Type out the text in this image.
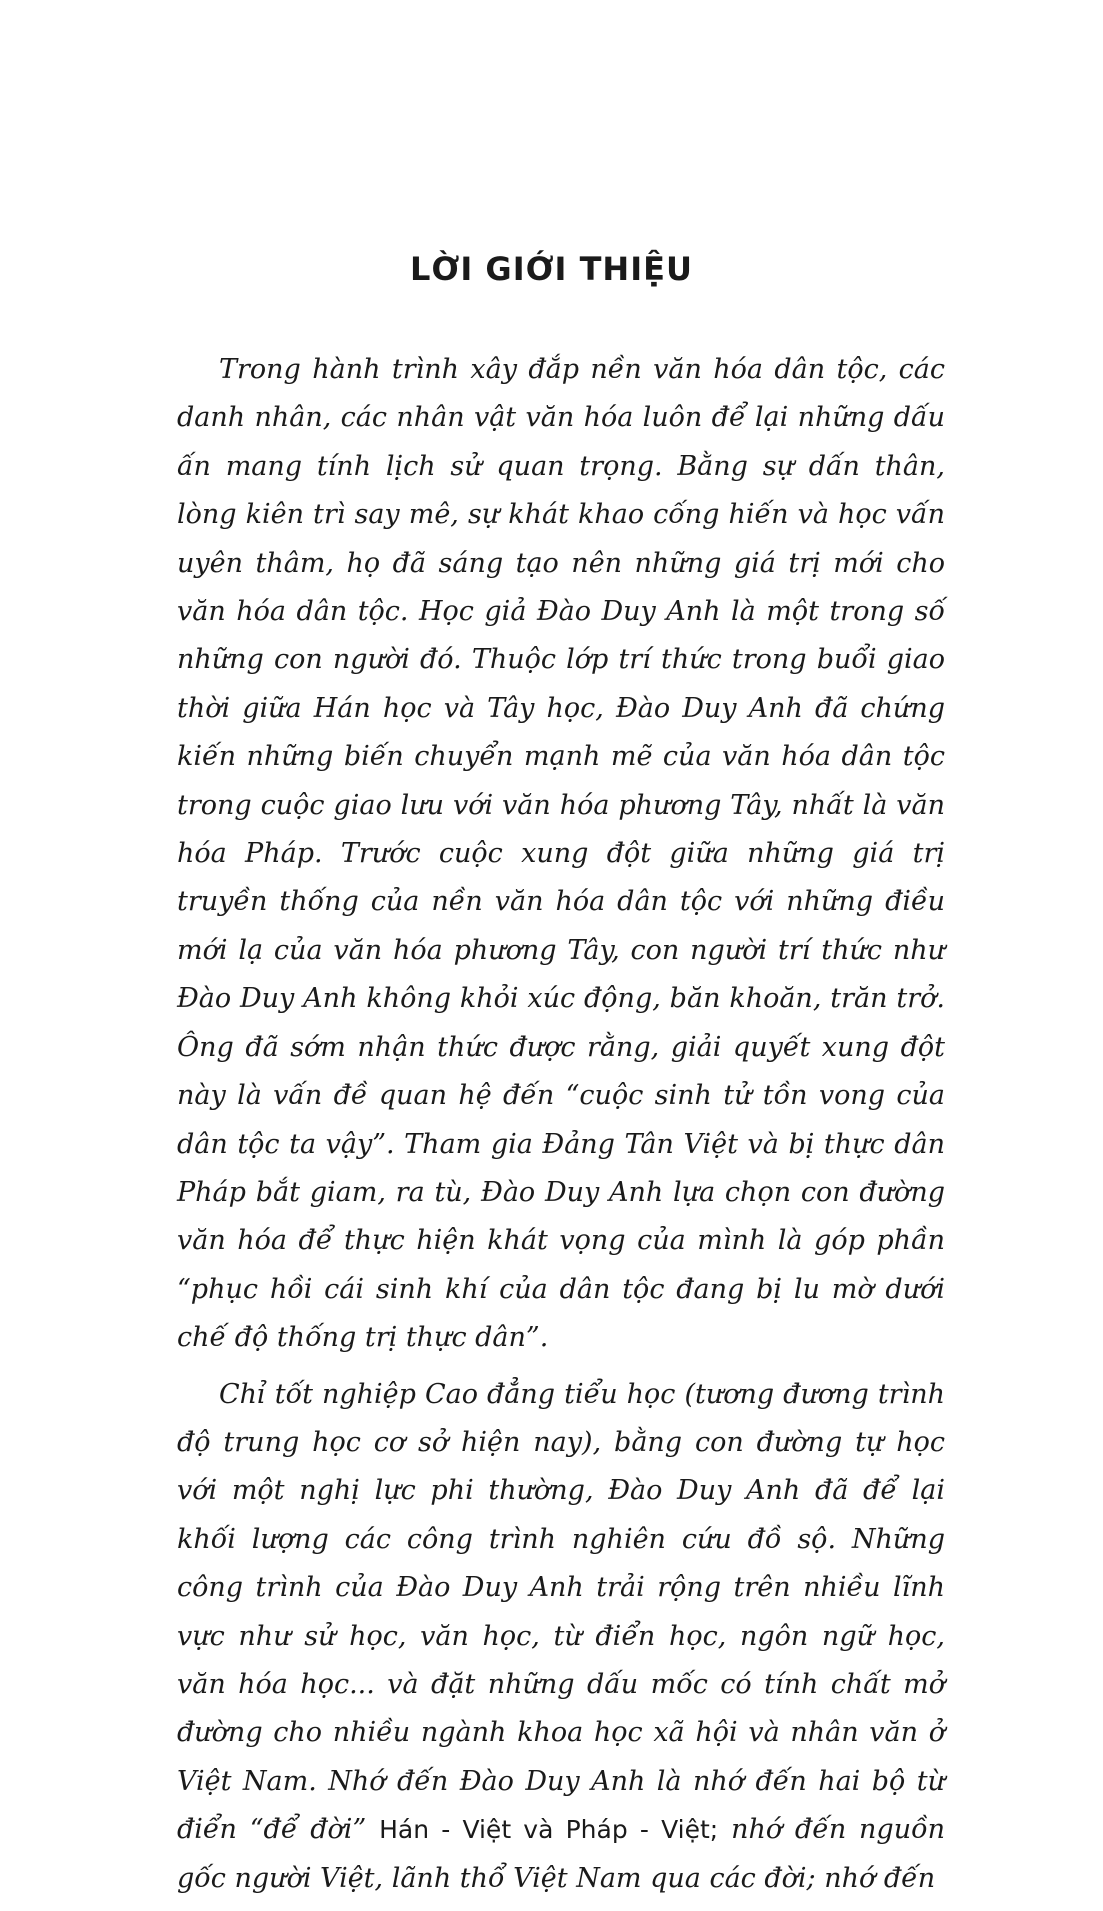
LỜI GIỚI THIỆU

Trong hành trình xây đắp nền văn hóa dân tộc, các danh nhân, các nhân vật văn hóa luôn để lại những dấu ấn mang tính lịch sử quan trọng. Bằng sự dấn thân, lòng kiên trì say mê, sự khát khao cống hiến và học vấn uyên thâm, họ đã sáng tạo nên những giá trị mới cho văn hóa dân tộc. Học giả Đào Duy Anh là một trong số những con người đó. Thuộc lớp trí thức trong buổi giao thời giữa Hán học và Tây học, Đào Duy Anh đã chứng kiến những biến chuyển mạnh mẽ của văn hóa dân tộc trong cuộc giao lưu với văn hóa phương Tây, nhất là văn hóa Pháp. Trước cuộc xung đột giữa những giá trị truyền thống của nền văn hóa dân tộc với những điều mới lạ của văn hóa phương Tây, con người trí thức như Đào Duy Anh không khỏi xúc động, băn khoăn, trăn trở. Ông đã sớm nhận thức được rằng, giải quyết xung đột này là vấn đề quan hệ đến “cuộc sinh tử tồn vong của dân tộc ta vậy”. Tham gia Đảng Tân Việt và bị thực dân Pháp bắt giam, ra tù, Đào Duy Anh lựa chọn con đường văn hóa để thực hiện khát vọng của mình là góp phần “phục hồi cái sinh khí của dân tộc đang bị lu mờ dưới chế độ thống trị thực dân”.

Chỉ tốt nghiệp Cao đẳng tiểu học (tương đương trình độ trung học cơ sở hiện nay), bằng con đường tự học với một nghị lực phi thường, Đào Duy Anh đã để lại khối lượng các công trình nghiên cứu đồ sộ. Những công trình của Đào Duy Anh trải rộng trên nhiều lĩnh vực như sử học, văn học, từ điển học, ngôn ngữ học, văn hóa học... và đặt những dấu mốc có tính chất mở đường cho nhiều ngành khoa học xã hội và nhân văn ở Việt Nam. Nhớ đến Đào Duy Anh là nhớ đến hai bộ từ điển “để đời” Hán - Việt và Pháp - Việt; nhớ đến nguồn gốc người Việt, lãnh thổ Việt Nam qua các đời; nhớ đến
